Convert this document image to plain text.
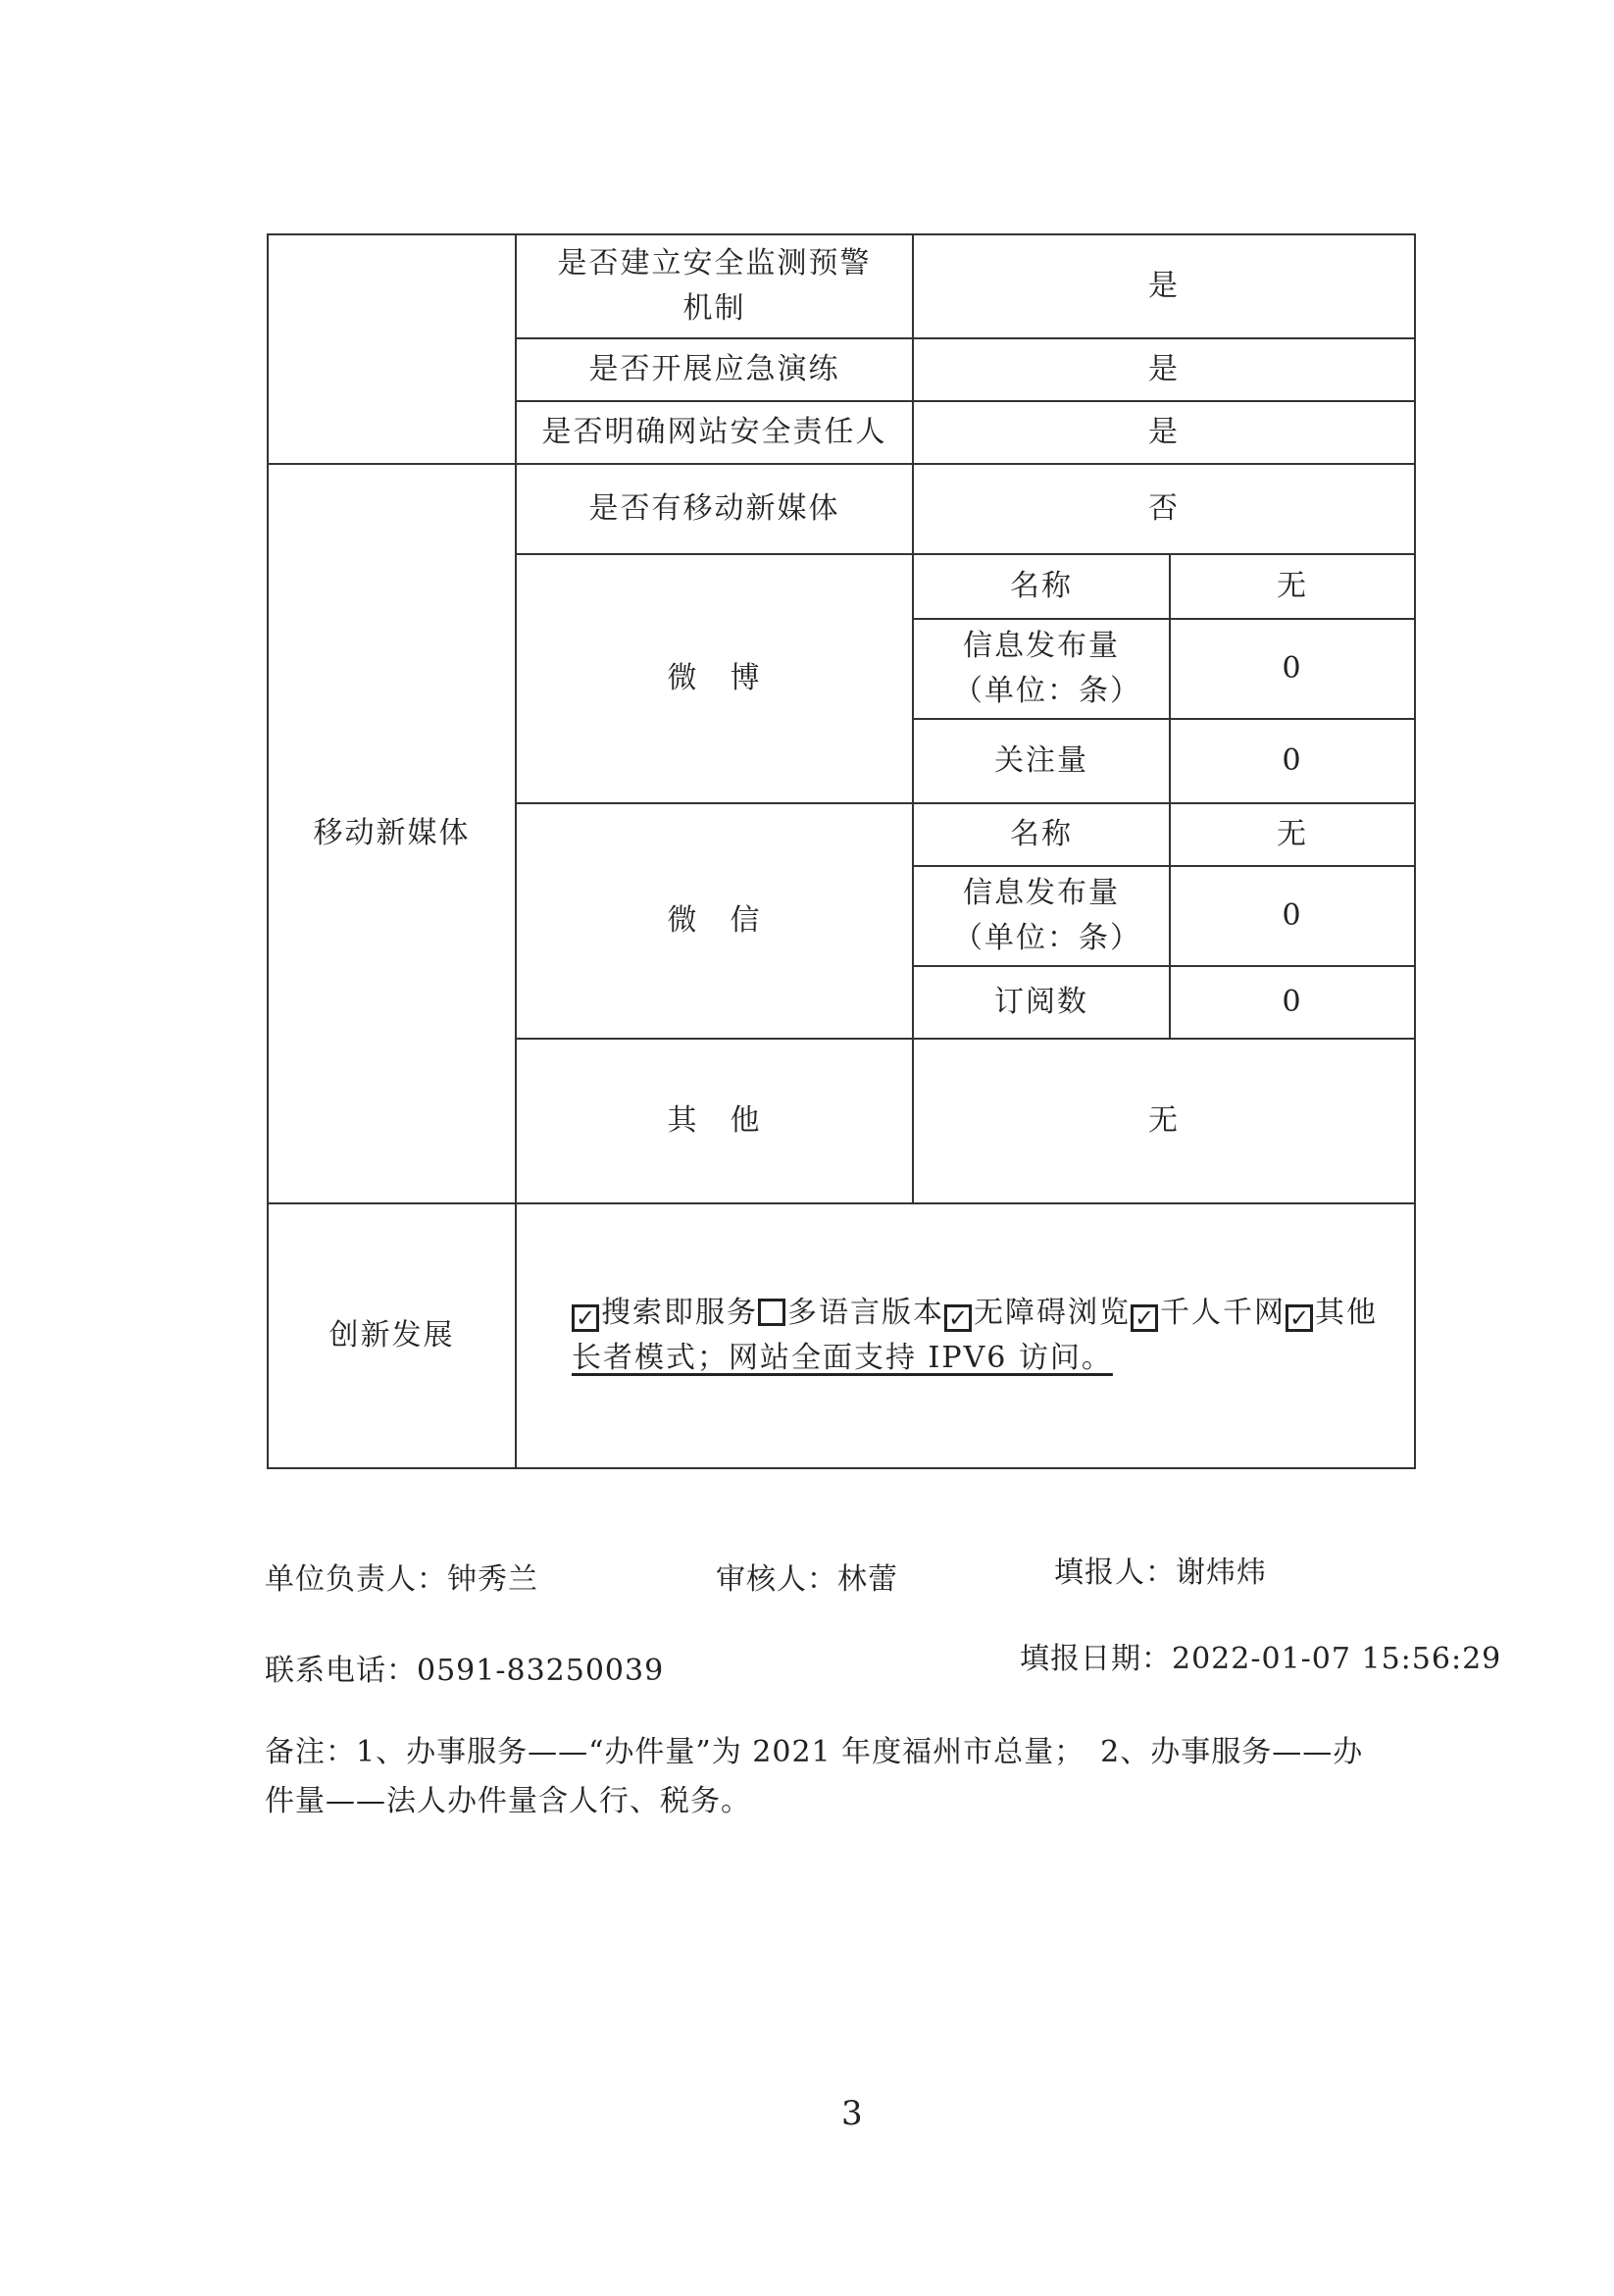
	是否建立安全监测预警机制	是	
	是否开展应急演练	是	
	是否明确网站安全责任人	是	
移动新媒体	是否有移动新媒体	否	
	微　博	名称	无
		信息发布量（单位：条）	0
		关注量	0
	微　信	名称	无
		信息发布量（单位：条）	0
		订阅数	0
	其　他	无	
创新发展	✓ 搜索即服务 多语言版本 ✓ 无障碍浏览 ✓ 千人千网 ✓ 其他
长者模式；网站全面支持 IPV6 访问。		
单位负责人：钟秀兰	审核人：林蕾	填报人：谢炜炜
联系电话：0591-83250039	填报日期：2022-01-07 15:56:29
备注：1、办事服务——“办件量”为 2021 年度福州市总量；　2、办事服务——办件量——法人办件量含人行、税务。
3
